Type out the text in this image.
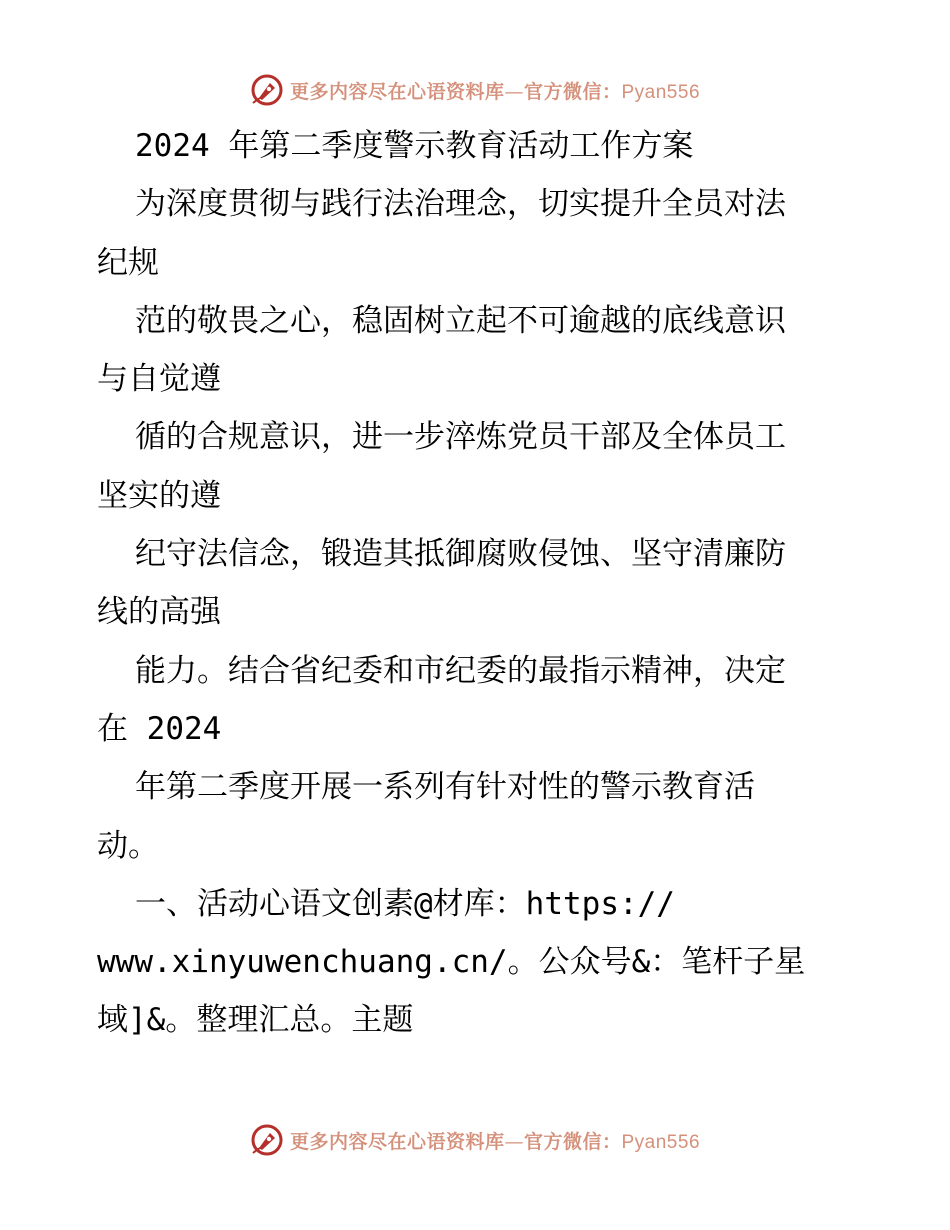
更多内容尽在心语资料库—官方微信：Pyan556
2024 年第二季度警示教育活动工作方案
为深度贯彻与践行法治理念，切实提升全员对法
纪规
范的敬畏之心，稳固树立起不可逾越的底线意识
与自觉遵
循的合规意识，进一步淬炼党员干部及全体员工
坚实的遵
纪守法信念，锻造其抵御腐败侵蚀、坚守清廉防
线的高强
能力。结合省纪委和市纪委的最指示精神，决定
在 2024
年第二季度开展一系列有针对性的警示教育活
动。
一、活动心语文创素@材库：https://
www.xinyuwenchuang.cn/。公众号&：笔杆子星
域]&。整理汇总。主题
更多内容尽在心语资料库—官方微信：Pyan556
